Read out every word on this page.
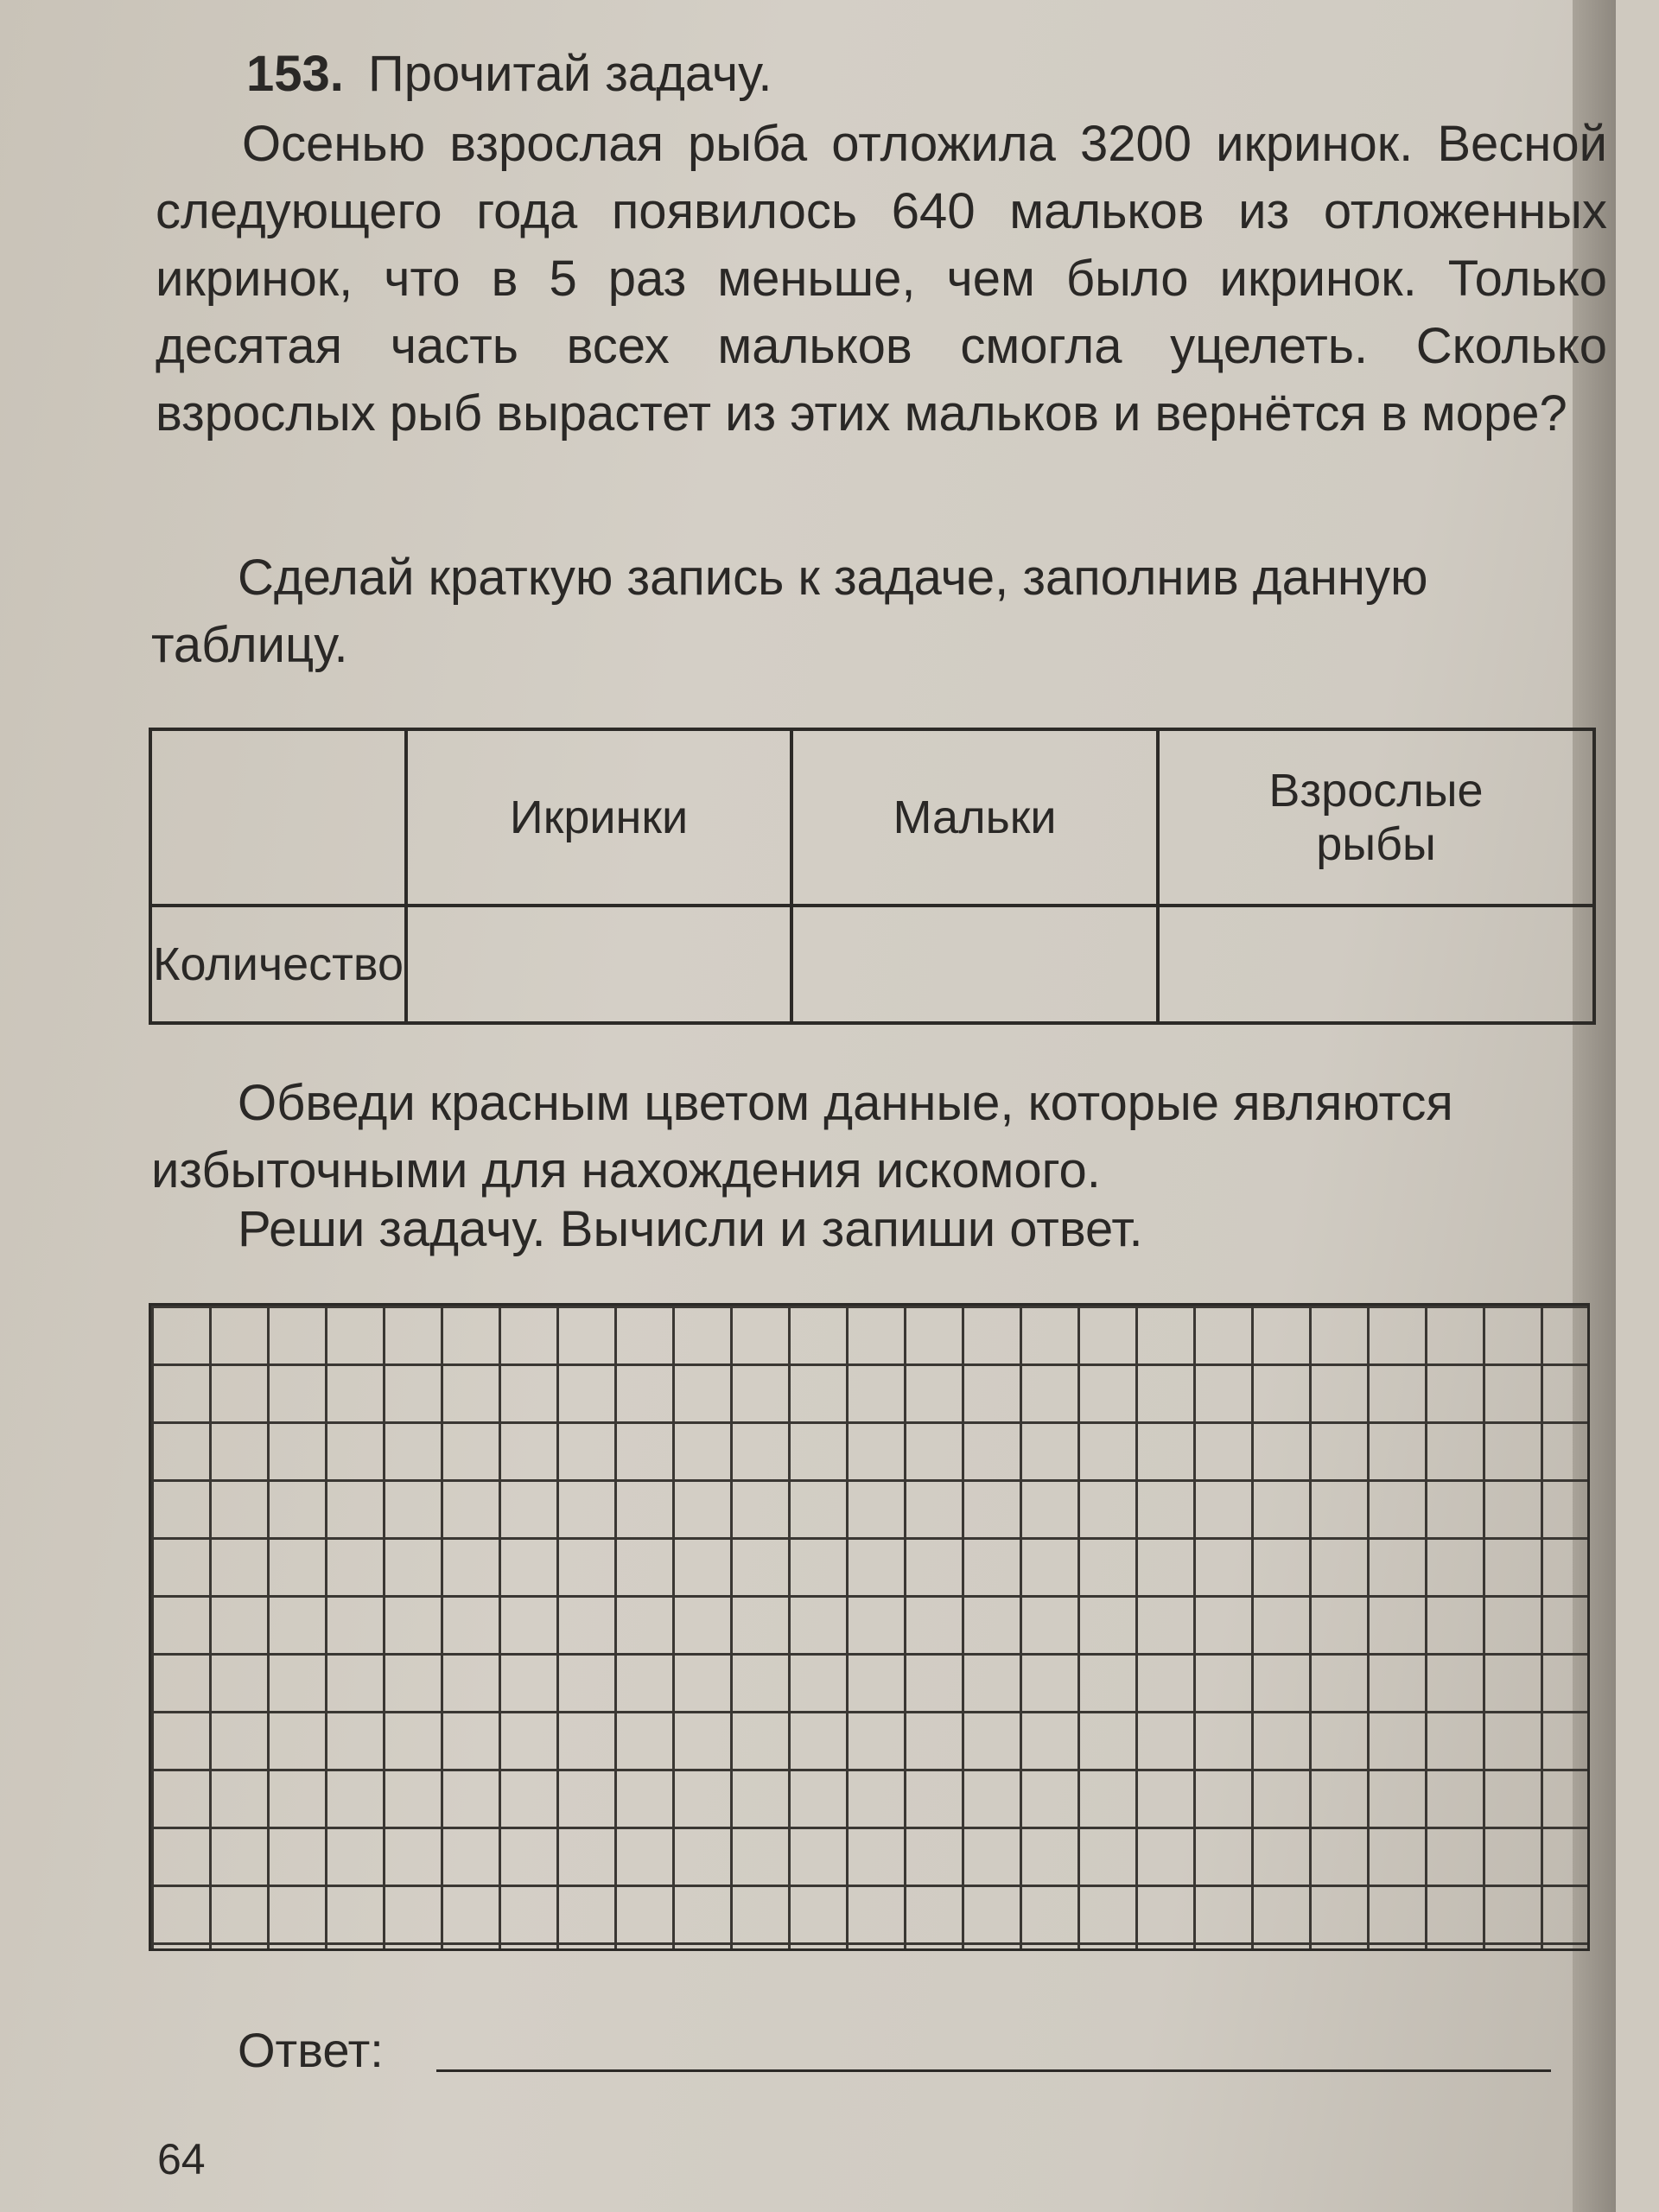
153. Прочитай задачу.
Осенью взрослая рыба отложила 3200 икринок. Весной следующего года появилось 640 мальков из отложенных икринок, что в 5 раз меньше, чем было икринок. Только десятая часть всех мальков смогла уцелеть. Сколько взрослых рыб вырастет из этих мальков и вернётся в море?
Сделай краткую запись к задаче, заполнив данную таблицу.
	Икринки	Мальки	Взрослые рыбы
Количество			
Обведи красным цветом данные, которые являются избыточными для нахождения искомого.
Реши задачу. Вычисли и запиши ответ.
Ответ:
64
